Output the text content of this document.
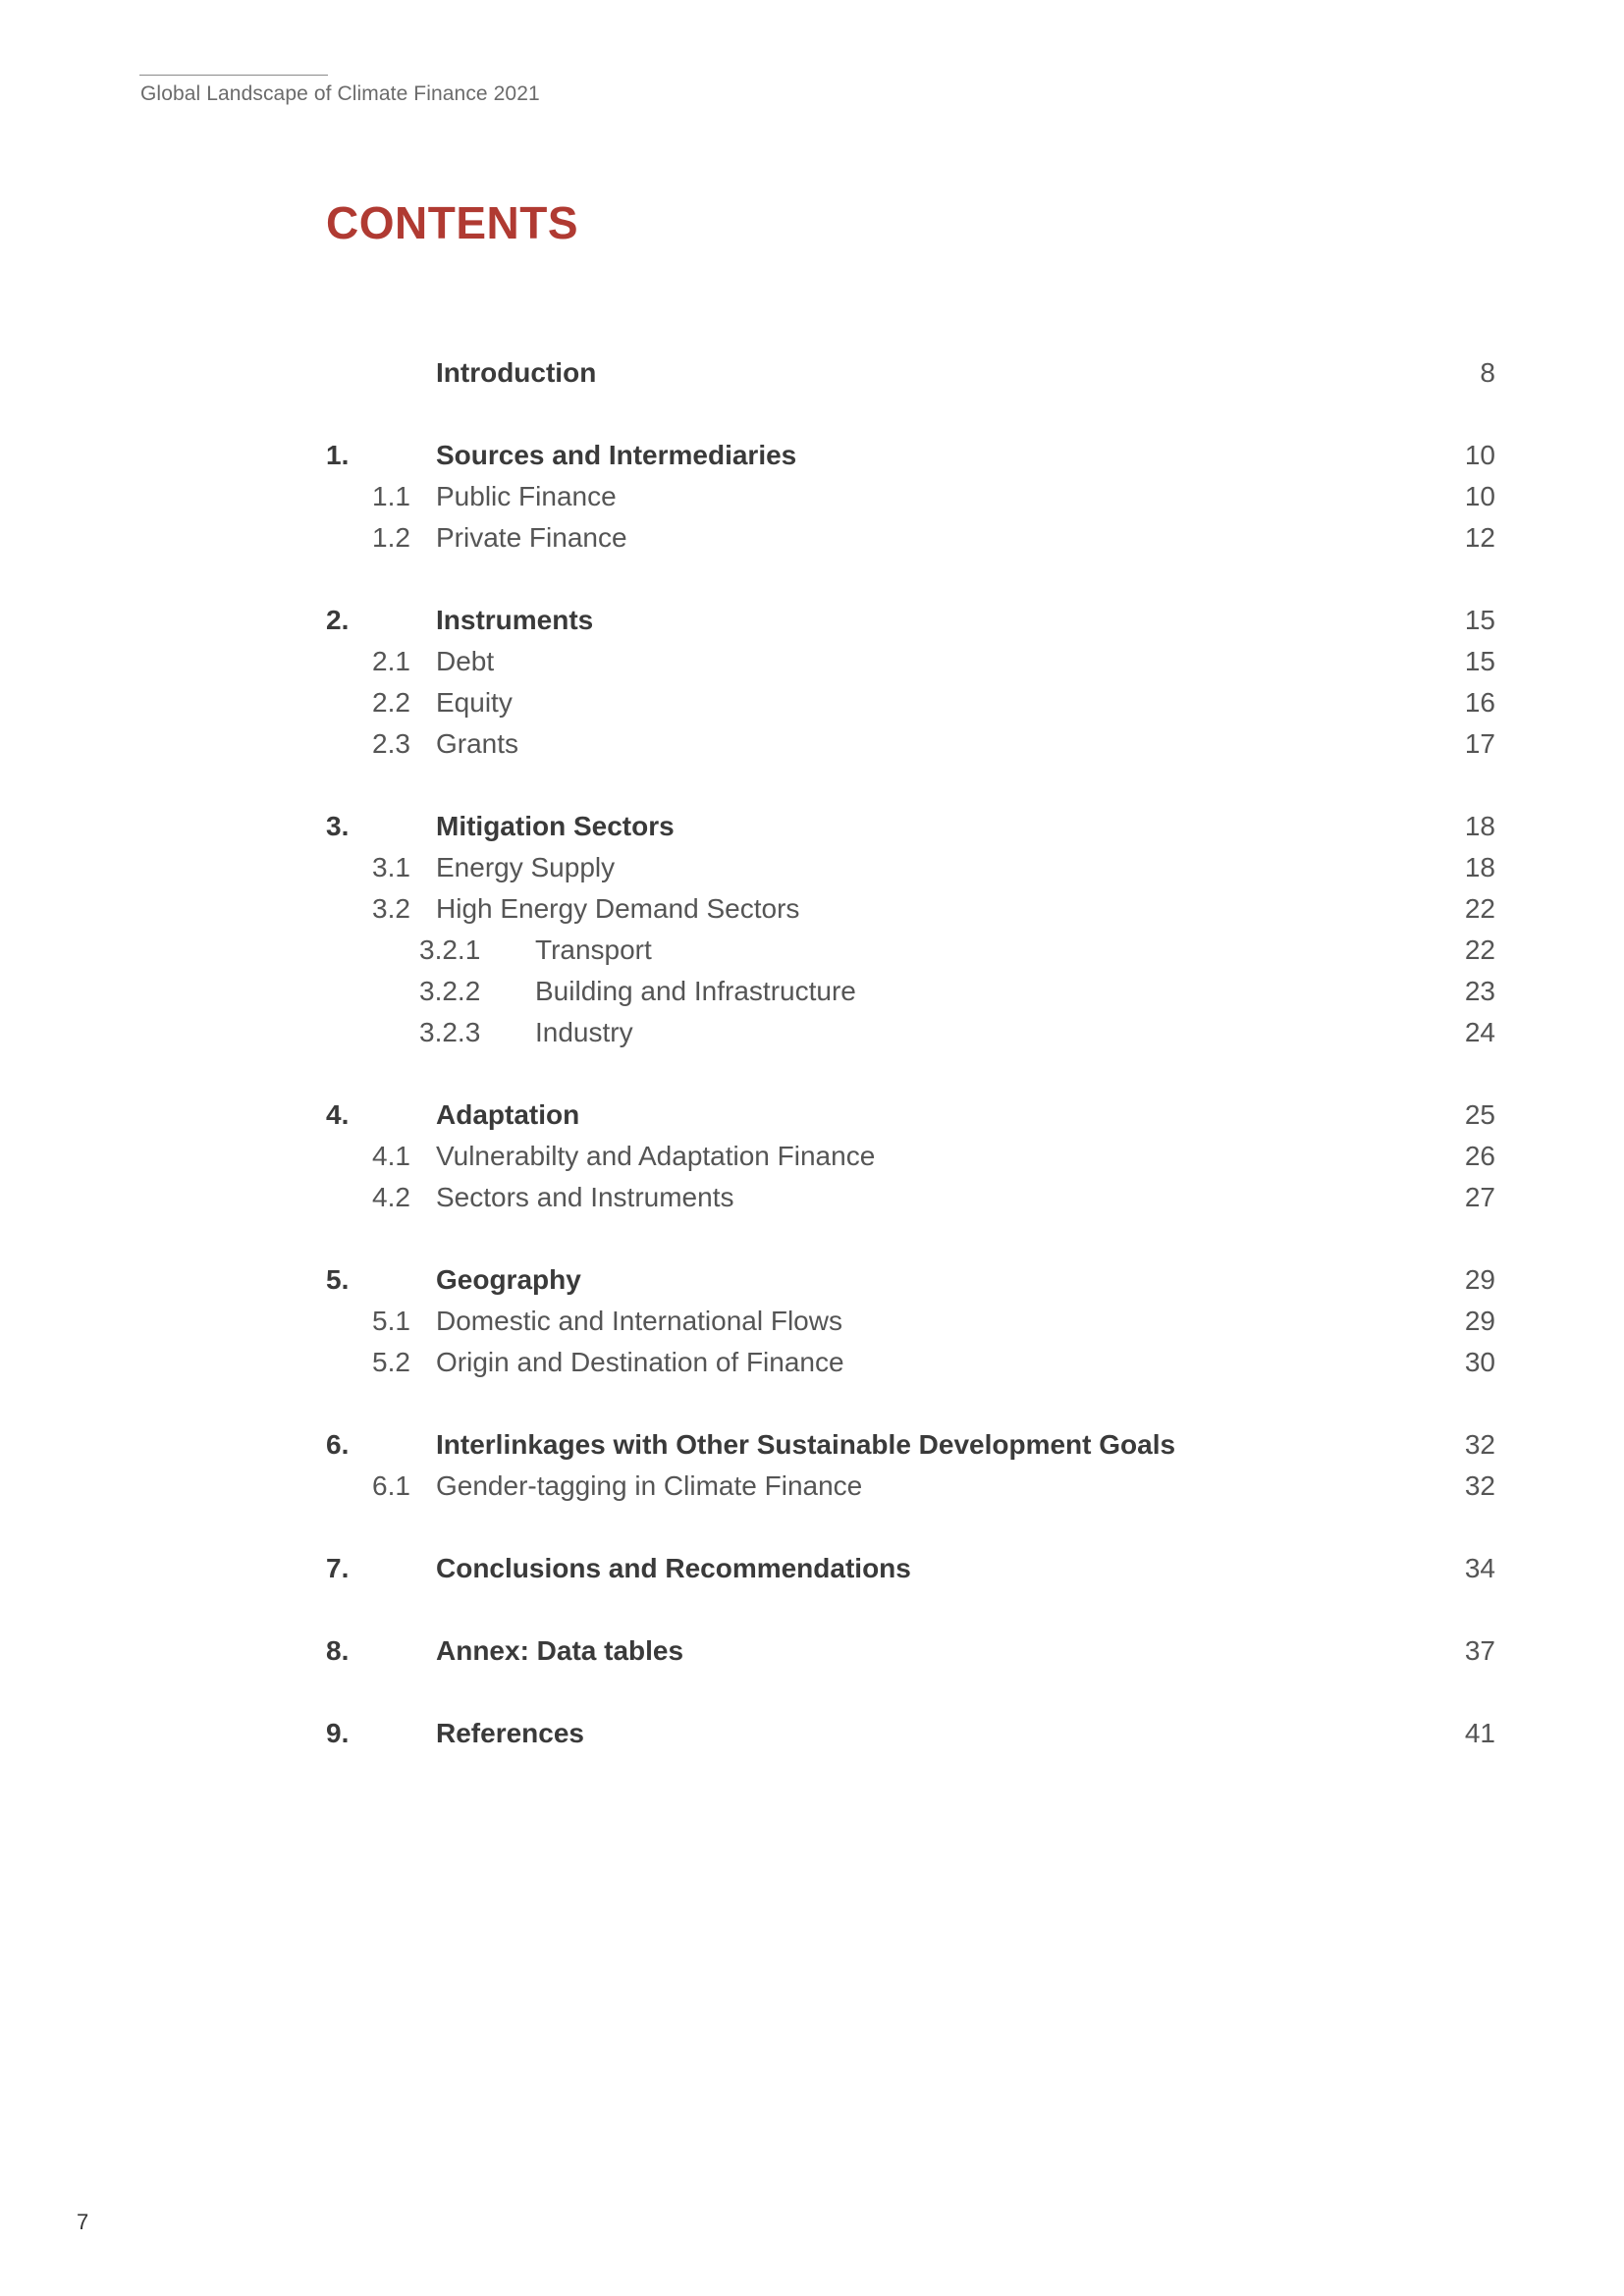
Global Landscape of Climate Finance 2021
CONTENTS
Introduction	8
1.	Sources and Intermediaries	10
1.1 Public Finance	10
1.2 Private Finance	12
2.	Instruments	15
2.1 Debt	15
2.2 Equity	16
2.3 Grants	17
3.	Mitigation Sectors	18
3.1 Energy Supply	18
3.2 High Energy Demand Sectors	22
3.2.1 Transport	22
3.2.2 Building and Infrastructure	23
3.2.3 Industry	24
4.	Adaptation	25
4.1 Vulnerabilty and Adaptation Finance	26
4.2 Sectors and Instruments	27
5.	Geography	29
5.1 Domestic and International Flows	29
5.2 Origin and Destination of Finance	30
6.	Interlinkages with Other Sustainable Development Goals	32
6.1 Gender-tagging in Climate Finance	32
7.	Conclusions and Recommendations	34
8.	Annex: Data tables	37
9.	References	41
7
